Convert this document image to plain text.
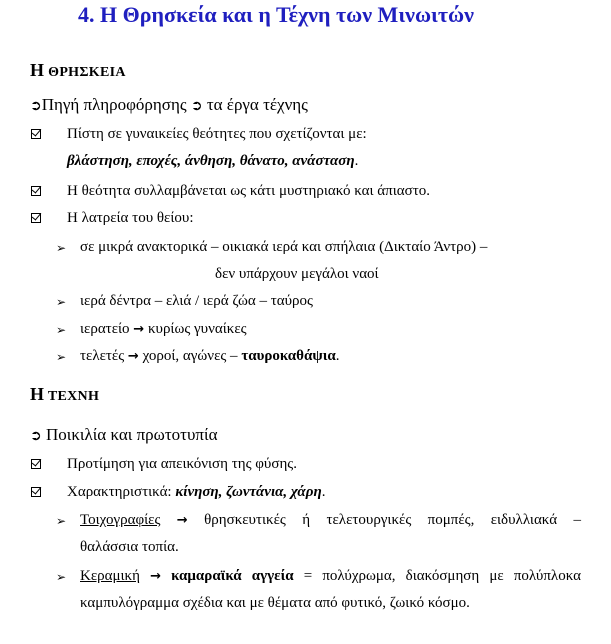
4. Η Θρησκεία και η Τέχνη των Μινωιτών
Η ΘΡΗΣΚΕΙΑ
➲Πηγή πληροφόρησης ➲ τα έργα τέχνης
Πίστη σε γυναικείες θεότητες που σχετίζονται με:
βλάστηση, εποχές, άνθηση, θάνατο, ανάσταση.
Η θεότητα συλλαμβάνεται ως κάτι μυστηριακό και άπιαστο.
Η λατρεία του θείου:
➢ σε μικρά ανακτορικά – οικιακά ιερά και σπήλαια (Δικταίο Άντρο) –
δεν υπάρχουν μεγάλοι ναοί
➢ ιερά δέντρα – ελιά / ιερά ζώα – ταύρος
➢ ιερατείο → κυρίως γυναίκες
➢ τελετές → χοροί, αγώνες – ταυροκαθάψια.
Η ΤΕΧΝΗ
➲ Ποικιλία και πρωτοτυπία
Προτίμηση για απεικόνιση της φύσης.
Χαρακτηριστικά: κίνηση, ζωντάνια, χάρη.
➢ Τοιχογραφίες → θρησκευτικές ή τελετουργικές πομπές, ειδυλλιακά –
θαλάσσια τοπία.
➢ Κεραμική → καμαραϊκά αγγεία = πολύχρωμα, διακόσμηση με πολύπλοκα
καμπυλόγραμμα σχέδια και με θέματα από φυτικό, ζωικό κόσμο.
